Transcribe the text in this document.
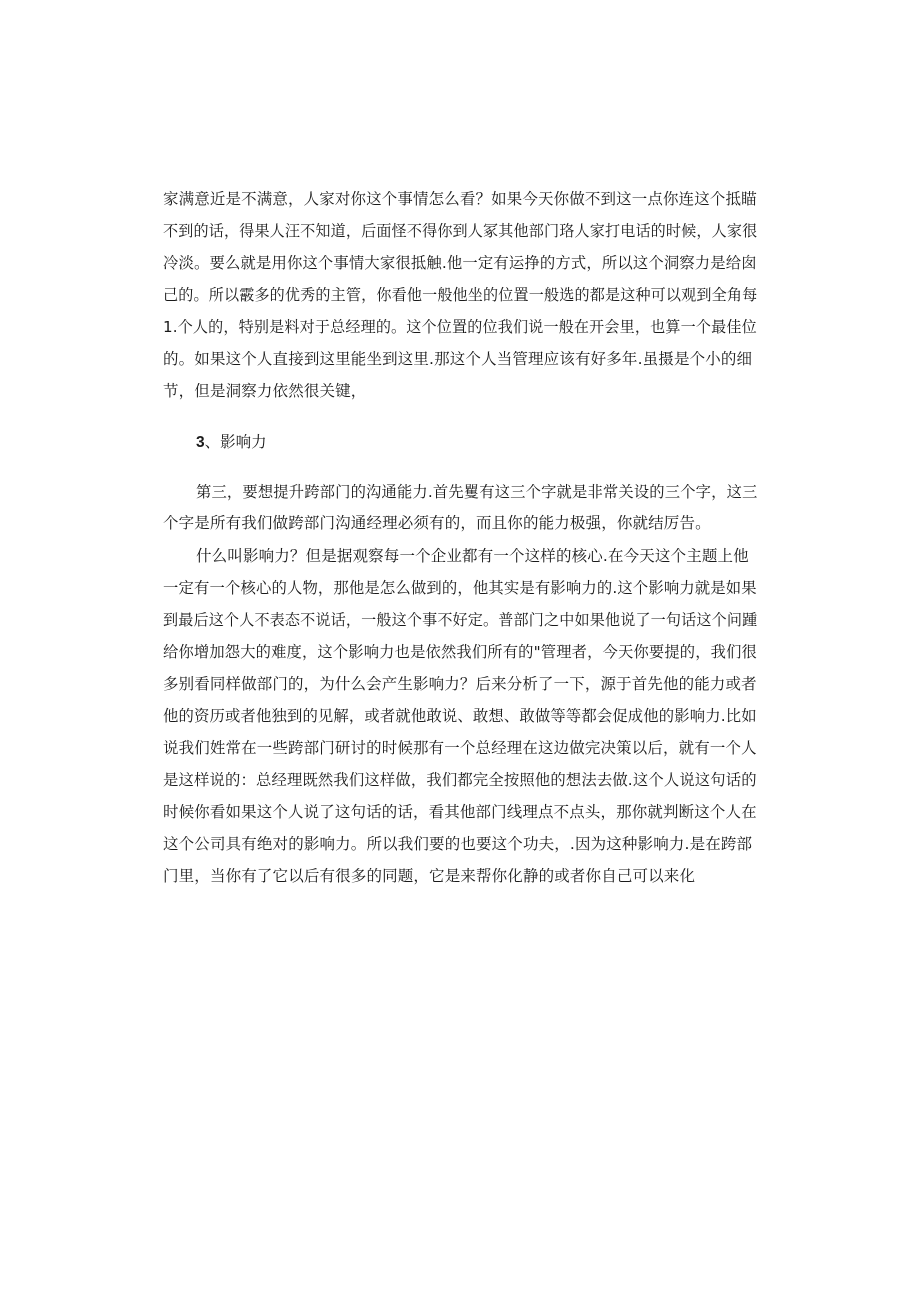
家满意近是不满意，人家对你这个事情怎么看？如果今天你做不到这一点你连这个抵瞄
不到的话，得果人汪不知道，后面怪不得你到人冢其他部门珞人家打电话的时候，人家很
冷淡。要么就是用你这个事情大家很抵触.他一定有运挣的方式，所以这个洞察力是给囱
己的。所以霰多的优秀的主管，你看他一般他坐的位置一般选的都是这种可以观到全角每
1.个人的，特别是料对于总经理的。这个位置的位我们说一般在开会里，也算一个最佳位
的。如果这个人直接到这里能坐到这里.那这个人当管理应该有好多年.虽摄是个小的细
节，但是洞察力依然很关键，
3、影响力
第三，要想提升跨部门的沟通能力.首先矍有这三个字就是非常关设的三个字，这三
个字是所有我们做跨部门沟通经理必须有的，而且你的能力极强，你就结厉告。
什么叫影响力？但是据观察每一个企业都有一个这样的核心.在今天这个主题上他
一定有一个核心的人物，那他是怎么做到的，他其实是有影响力的.这个影响力就是如果
到最后这个人不表态不说话，一般这个事不好定。普部门之中如果他说了一句话这个问踵
给你增加怨大的难度，这个影响力也是依然我们所有的"管理者，今天你要提的，我们很
多别看同样做部门的，为什么会产生影响力？后来分析了一下，源于首先他的能力或者
他的资历或者他独到的见解，或者就他敢说、敢想、敢做等等都会促成他的影响力.比如
说我们姓常在一些跨部门研讨的时候那有一个总经理在这边做完决策以后，就有一个人
是这样说的：总经理既然我们这样做，我们都完全按照他的想法去做.这个人说这句话的
时候你看如果这个人说了这句话的话，看其他部门线理点不点头，那你就判断这个人在
这个公司具有绝对的影响力。所以我们要的也要这个功夫，.因为这种影响力.是在跨部
门里，当你有了它以后有很多的同题，它是来帮你化静的或者你自己可以来化
